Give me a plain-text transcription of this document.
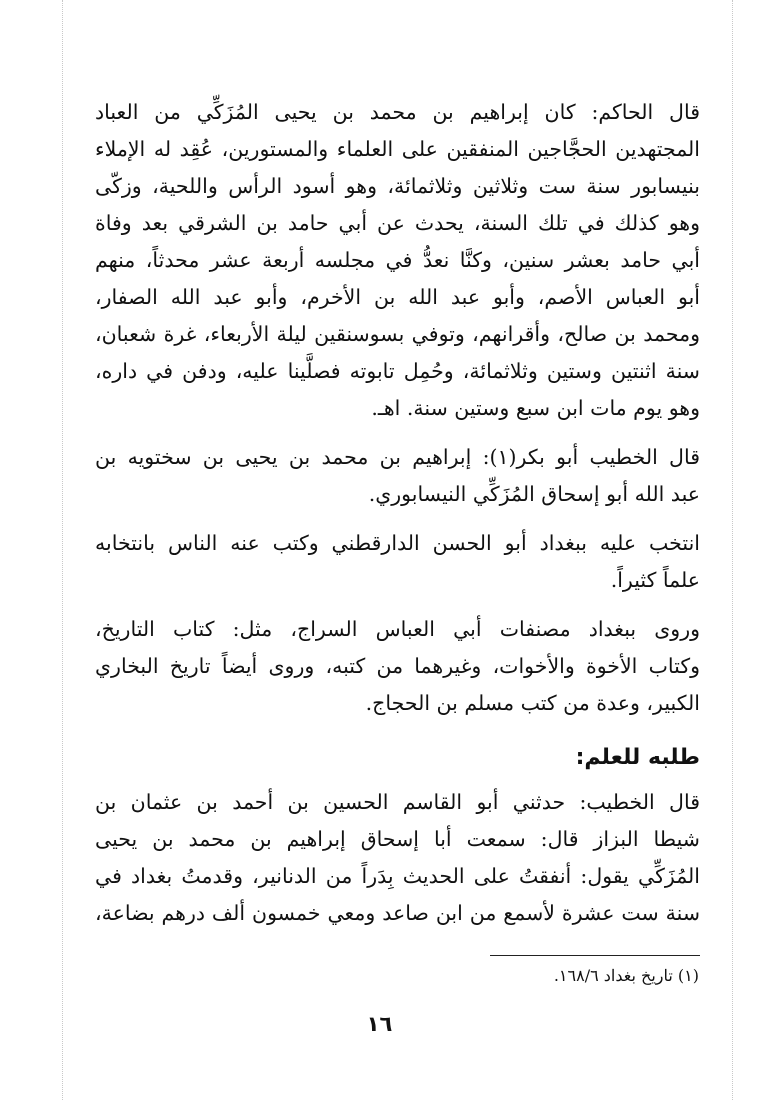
قال الحاكم: كان إبراهيم بن محمد بن يحيى المُزَكِّي من العباد
المجتهدين الحجَّاجين المنفقين على العلماء والمستورين، عُقِد له الإملاء
بنيسابور سنة ست وثلاثين وثلاثمائة، وهو أسود الرأس واللحية، وزكّى
وهو كذلك في تلك السنة، يحدث عن أبي حامد بن الشرقي بعد وفاة
أبي حامد بعشر سنين، وكنَّا نعدُّ في مجلسه أربعة عشر محدثاً، منهم
أبو العباس الأصم، وأبو عبد الله بن الأخرم، وأبو عبد الله الصفار،
ومحمد بن صالح، وأقرانهم، وتوفي بسوسنقين ليلة الأربعاء، غرة شعبان،
سنة اثنتين وستين وثلاثمائة، وحُمِل تابوته فصلَّينا عليه، ودفن في داره،
وهو يوم مات ابن سبع وستين سنة. اهـ.
قال الخطيب أبو بكر(١): إبراهيم بن محمد بن يحيى بن سختويه بن
عبد الله أبو إسحاق المُزَكِّي النيسابوري.
انتخب عليه ببغداد أبو الحسن الدارقطني وكتب عنه الناس بانتخابه
علماً كثيراً.
وروى ببغداد مصنفات أبي العباس السراج، مثل: كتاب التاريخ،
وكتاب الأخوة والأخوات، وغيرهما من كتبه، وروى أيضاً تاريخ البخاري
الكبير، وعدة من كتب مسلم بن الحجاج.
طلبه للعلم:
قال الخطيب: حدثني أبو القاسم الحسين بن أحمد بن عثمان بن
شيطا البزاز قال: سمعت أبا إسحاق إبراهيم بن محمد بن يحيى
المُزَكِّي يقول: أنفقتُ على الحديث بِدَراً من الدنانير، وقدمتُ بغداد في
سنة ست عشرة لأسمع من ابن صاعد ومعي خمسون ألف درهم بضاعة،
(١) تاريخ بغداد ١٦٨/٦.
١٦
